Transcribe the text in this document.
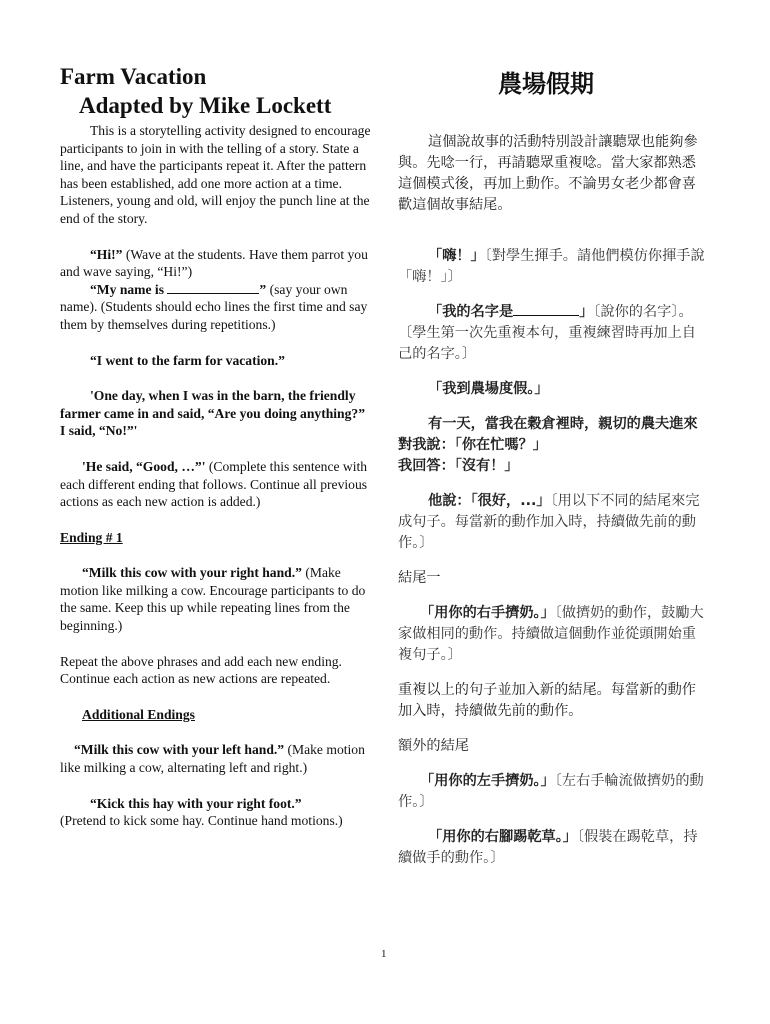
農場假期
Farm Vacation
Adapted by Mike Lockett

This is a storytelling activity designed to encourage participants to join in with the telling of a story. State a line, and have the participants repeat it. After the pattern has been established, add one more action at a time. Listeners, young and old, will enjoy the punch line at the end of the story.

“Hi!” (Wave at the students. Have them parrot you and wave saying, “Hi!”)

“My name is	” (say your own name). (Students should echo lines the first time and say them by themselves during repetitions.)

“I went to the farm for vacation.”

'One day, when I was in the barn, the friendly farmer came in and said, “Are you doing anything?”

I said, “No!”'

'He said, “Good, …”' (Complete this sentence with each different ending that follows. Continue all previous actions as each new action is added.)

Ending # 1

“Milk this cow with your right hand.” (Make motion like milking a cow. Encourage participants to do the same. Keep this up while repeating lines from the beginning.)

Repeat the above phrases and add each new ending. Continue each action as new actions are repeated.

Additional Endings

“Milk this cow with your left hand.” (Make motion like milking a cow, alternating left and right.)

“Kick this hay with your right foot.”

(Pretend to kick some hay. Continue hand motions.)

這個說故事的活動特別設計讓聽眾也能夠參與。先唸一行，再請聽眾重複唸。當大家都熟悉這個模式後，再加上動作。不論男女老少都會喜歡這個故事結尾。

「嗨！」〔對學生揮手。請他們模仿你揮手說「嗨！」〕

「我的名字是	」〔說你的名字〕。〔學生第一次先重複本句，重複練習時再加上自己的名字。〕

「我到農場度假。」

有一天，當我在穀倉裡時，親切的農夫進來對我說：「你在忙嗎？」

我回答：「沒有！」

他說：「很好，...」〔用以下不同的結尾來完成句子。每當新的動作加入時，持續做先前的動作。〕

結尾一

「用你的右手擠奶。」〔做擠奶的動作，鼓勵大家做相同的動作。持續做這個動作並從頭開始重複句子。〕

重複以上的句子並加入新的結尾。每當新的動作加入時，持續做先前的動作。

額外的結尾

「用你的左手擠奶。」〔左右手輪流做擠奶的動作。〕

「用你的右腳踢乾草。」〔假裝在踢乾草，持續做手的動作。〕

1
